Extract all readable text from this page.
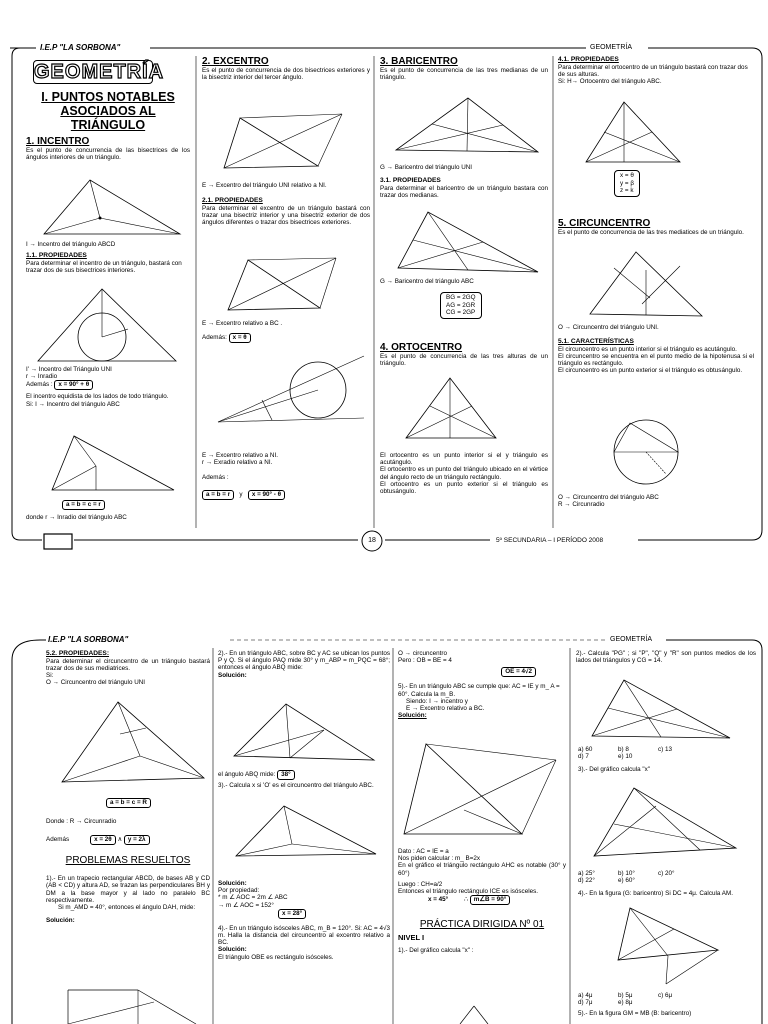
I.E.P "LA SORBONA"	GEOMETRÍA
18	5º SECUNDARIA – I PERÍODO 2008
GEOMETRÍA
I. PUNTOS NOTABLES ASOCIADOS AL TRIÁNGULO
1. INCENTRO

Es el punto de concurrencia de las bisectrices de los ángulos interiores de un triángulo.

I → Incentro del triángulo ABCD

1.1. PROPIEDADES

Para determinar el incentro de un triángulo, bastará con trazar dos de sus bisectrices interiores.

I' → Incentro del Triángulo UNI

r → Inradio

Además : x = 90° + θ

El incentro equidista de los lados de todo triángulo.

Si: I → Incentro del triángulo ABC

a = b = c = r
donde r → Inradio del triángulo ABC
2. EXCENTRO

Es el punto de concurrencia de dos bisectrices exteriores y la bisectriz interior del tercer ángulo.

E → Excentro del triángulo UNI relativo a NI.

2.1. PROPIEDADES

Para determinar el excentro de un triángulo bastará con trazar una bisectriz interior y una bisectriz exterior de dos ángulos diferentes o trazar dos bisectrices exteriores.

E → Excentro relativo a BC .

Además: x = θ

E → Excentro relativo a NI.

r → Exradio relativo a NI.

Además :

a = b = r y x = 90° - θ

3. BARICENTRO

Es el punto de concurrencia de las tres medianas de un triángulo.

G → Baricentro del triángulo UNI

3.1. PROPIEDADES

Para determinar el baricentro de un triángulo bastara con trazar dos medianas.

G → Baricentro del triángulo ABC
BG = 2GQ
AG = 2GR
CG = 2GP
4. ORTOCENTRO

Es el punto de concurrencia de las tres alturas de un triángulo.

El ortocentro es un punto interior si el y triángulo es acutángulo.

El ortocentro es un punto del triángulo ubicado en el vértice del ángulo recto de un triángulo rectángulo.

El ortocentro es un punto exterior si el triángulo es obtusángulo.

4.1. PROPIEDADES

Para determinar el ortocentro de un triángulo bastará con trazar dos de sus alturas.

Si: H→ Ortocentro del triángulo ABC.

x = θ
y = β
z = k
5. CIRCUNCENTRO

Es el punto de concurrencia de las tres mediatices de un triángulo.

O → Circuncentro del triángulo UNI.

5.1. CARACTERÍSTICAS

El circuncentro es un punto interior si el triángulo es acutángulo.

El circuncentro se encuentra en el punto medio de la hipotenusa si el triángulo es rectángulo.

El circuncentro es un punto exterior si el triángulo es obtusángulo.

O → Circuncentro del triángulo ABC

R → Circunradio

I.E.P "LA SORBONA"	GEOMETRÍA
5.2. PROPIEDADES:

Para determinar el circuncentro de un triángulo bastará trazar dos de sus mediatrices.

Si:

O → Circuncentro del triángulo UNI

a = b = c = R

Donde : R → Circunradio

Además	x = 2θ ∧ y = 2λ

PROBLEMAS RESUELTOS

1).- En un trapecio rectangular ABCD, de bases AB y CD (AB < CD) y altura AD, se trazan las perpendiculares BH y DM a la base mayor y al lado no paralelo BC respectivamente.

Si m_AMD = 40°, entonces el ángulo DAH, mide:

Solución:

2).- En un triángulo ABC, sobre BC y AC se ubican los puntos P y Q. Si el ángulo PAQ mide 30° y m_ABP = m_PQC = 68°; entonces el ángulo ABQ mide:

Solución:

el ángulo ABQ mide: 38°

3).- Calcula x si 'O' es el circuncentro del triángulo ABC.

Solución:

Por propiedad:

* m ∠ AOC = 2m ∠ ABC

→ m ∠ AOC = 152°

x = 28°

4).- En un triángulo isósceles ABC, m_B = 120°. Si: AC = 4√3 m. Halla la distancia del circuncentro al excentro relativo a BC.

Solución:

El triángulo OBE es rectángulo isósceles.

O → circuncentro

Pero : OB = BE = 4

OE = 4√2

5).- En un triángulo ABC se cumple que: AC = IE y m_ A = 60°. Calcula la m_B.

Siendo: I → incentro y

E → Excentro relativo a BC.

Solución:

Dato : AC = IE = a

Nos piden calcular : m_ B=2x

En el gráfico el triángulo rectángulo AHC es notable (30° y 60°)

Luego : CH=a/2

Entonces el triángulo rectángulo ICE es isósceles.

x = 45°         ∴ m∠B = 90°

PRÁCTICA DIRIGIDA Nº 01

NIVEL I

1).- Del gráfico calcula "x" :

2).- Calcula "PG" ; si "P", "Q" y "R" son puntos medios de los lados del triángulos y CG = 14.

a) 60	b) 8	c) 13
d) 7	e) 10

3).- Del gráfico calcula "x"

a) 25°	b) 10°	c) 20°
d) 22°	e) 60°

4).- En la figura (G: baricentro) Si DC = 4μ. Calcula AM.

a) 4μ	b) 5μ	c) 6μ
d) 7μ	e) 8μ

5).- En la figura GM = MB (B: baricentro)
